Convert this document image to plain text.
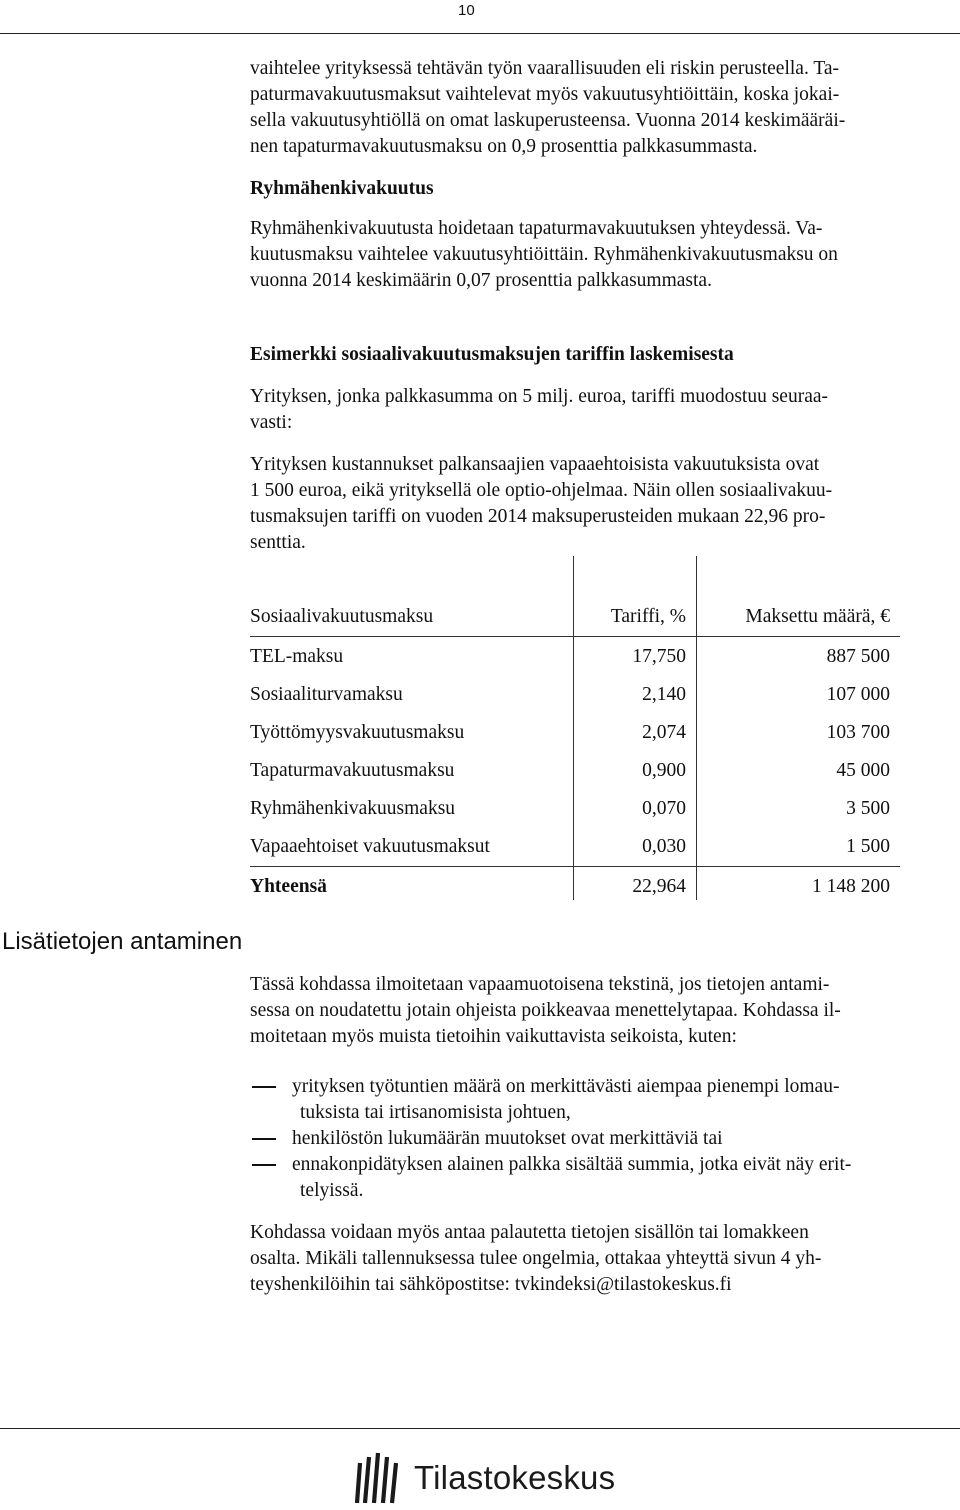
10

vaihtelee yrityksessä tehtävän työn vaarallisuuden eli riskin perusteella. Ta-

paturmavakuutusmaksut vaihtelevat myös vakuutusyhtiöittäin, koska jokai-

sella vakuutusyhtiöllä on omat laskuperusteensa. Vuonna 2014 keskimääräi-

nen tapaturmavakuutusmaksu on 0,9 prosenttia palkkasummasta.

Ryhmähenkivakuutus

Ryhmähenkivakuutusta hoidetaan tapaturmavakuutuksen yhteydessä. Va-

kuutusmaksu vaihtelee vakuutusyhtiöittäin. Ryhmähenkivakuutusmaksu on

vuonna 2014 keskimäärin 0,07 prosenttia palkkasummasta.

Esimerkki sosiaalivakuutusmaksujen tariffin laskemisesta

Yrityksen, jonka palkkasumma on 5 milj. euroa, tariffi muodostuu seuraa-

vasti:

Yrityksen kustannukset palkansaajien vapaaehtoisista vakuutuksista ovat

1 500 euroa, eikä yrityksellä ole optio-ohjelmaa. Näin ollen sosiaalivakuu-

tusmaksujen tariffi on vuoden 2014 maksuperusteiden mukaan 22,96 pro-

senttia.

Sosiaalivakuutusmaksu	Tariffi, %	Maksettu määrä, €
TEL-maksu	17,750	887 500
Sosiaaliturvamaksu	2,140	107 000
Työttömyysvakuutusmaksu	2,074	103 700
Tapaturmavakuutusmaksu	0,900	45 000
Ryhmähenkivakuusmaksu	0,070	3 500
Vapaaehtoiset vakuutusmaksut	0,030	1 500
Yhteensä	22,964	1 148 200
Lisätietojen antaminen

Tässä kohdassa ilmoitetaan vapaamuotoisena tekstinä, jos tietojen antami-

sessa on noudatettu jotain ohjeista poikkeavaa menettelytapaa. Kohdassa il-

moitetaan myös muista tietoihin vaikuttavista seikoista, kuten:

yrityksen työtuntien määrä on merkittävästi aiempaa pienempi lomau-
tuksista tai irtisanomisista johtuen,
henkilöstön lukumäärän muutokset ovat merkittäviä tai
ennakonpidätyksen alainen palkka sisältää summia, jotka eivät näy erit-
telyissä.

Kohdassa voidaan myös antaa palautetta tietojen sisällön tai lomakkeen

osalta. Mikäli tallennuksessa tulee ongelmia, ottakaa yhteyttä sivun 4 yh-

teyshenkilöihin tai sähköpostitse: tvkindeksi@tilastokeskus.fi

Tilastokeskus
